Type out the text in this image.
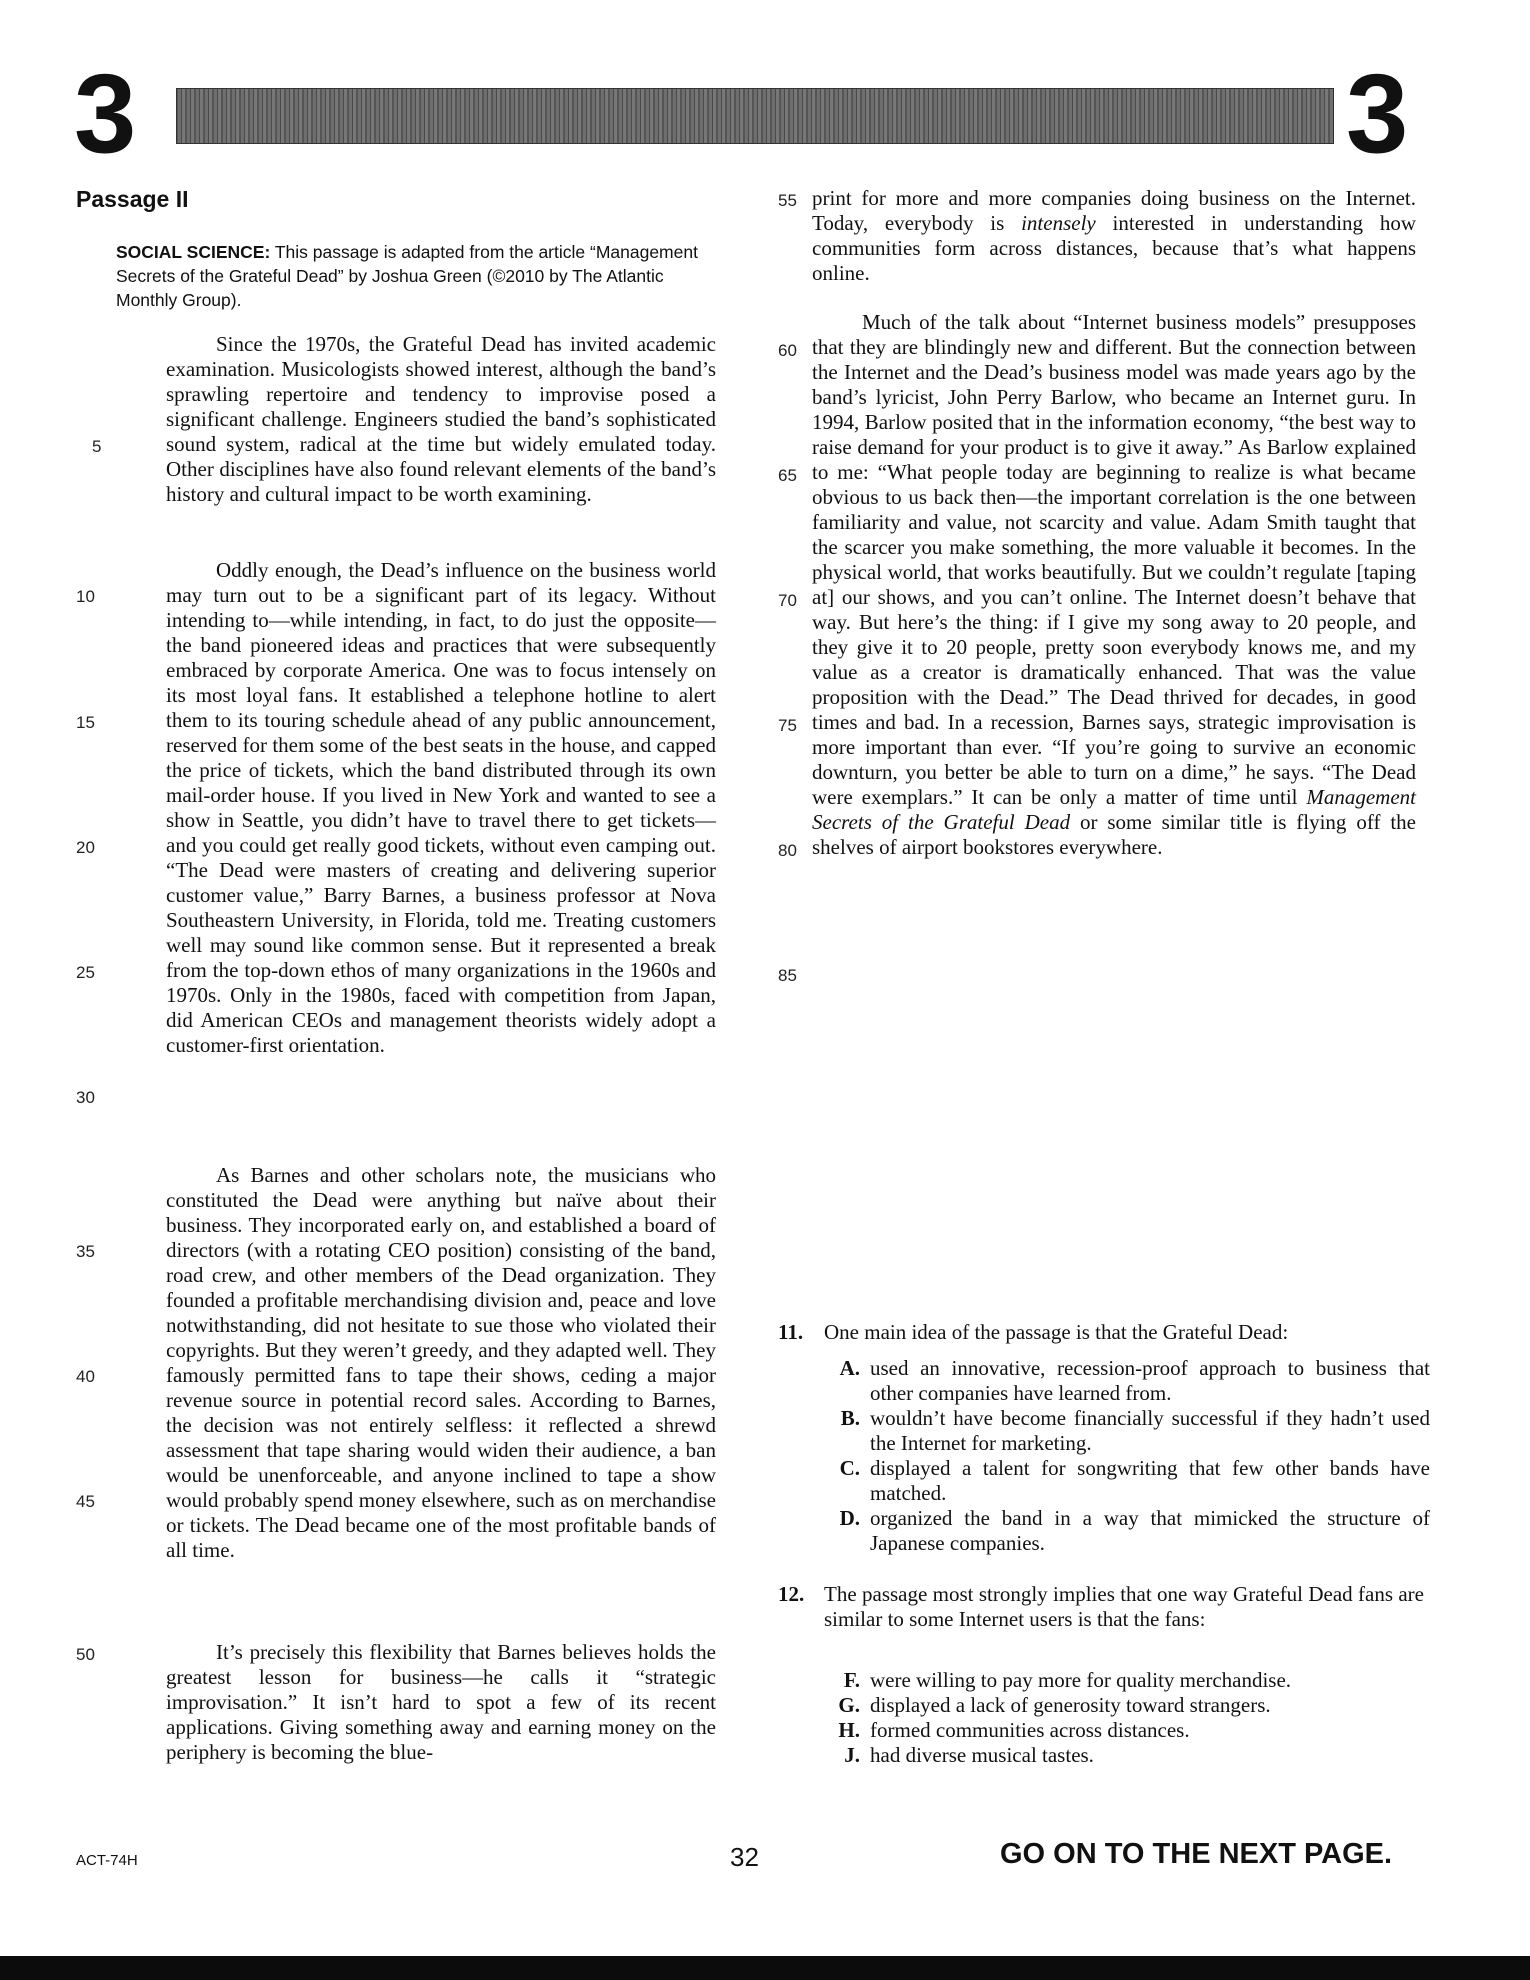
3	3
Passage II
SOCIAL SCIENCE: This passage is adapted from the article “Management Secrets of the Grateful Dead” by Joshua Green (©2010 by The Atlantic Monthly Group).

Since the 1970s, the Grateful Dead has invited academic examination. Musicologists showed interest, although the band’s sprawling repertoire and tendency to improvise posed a significant challenge. Engineers studied the band’s sophisticated sound system, radical at the time but widely emulated today. Other disciplines have also found relevant elements of the band’s history and cultural impact to be worth examining.

Oddly enough, the Dead’s influence on the business world may turn out to be a significant part of its legacy. Without intending to—while intending, in fact, to do just the opposite—the band pioneered ideas and practices that were subsequently embraced by corporate America. One was to focus intensely on its most loyal fans. It established a telephone hotline to alert them to its touring schedule ahead of any public announcement, reserved for them some of the best seats in the house, and capped the price of tickets, which the band distributed through its own mail-order house. If you lived in New York and wanted to see a show in Seattle, you didn’t have to travel there to get tickets—and you could get really good tickets, without even camping out. “The Dead were masters of creating and delivering superior customer value,” Barry Barnes, a business professor at Nova Southeastern University, in Florida, told me. Treating customers well may sound like common sense. But it represented a break from the top-down ethos of many organizations in the 1960s and 1970s. Only in the 1980s, faced with competition from Japan, did American CEOs and management theorists widely adopt a customer-first orientation.

As Barnes and other scholars note, the musicians who constituted the Dead were anything but naïve about their business. They incorporated early on, and established a board of directors (with a rotating CEO position) consisting of the band, road crew, and other members of the Dead organization. They founded a profitable merchandising division and, peace and love notwithstanding, did not hesitate to sue those who violated their copyrights. But they weren’t greedy, and they adapted well. They famously permitted fans to tape their shows, ceding a major revenue source in potential record sales. According to Barnes, the decision was not entirely selfless: it reflected a shrewd assessment that tape sharing would widen their audience, a ban would be unenforceable, and anyone inclined to tape a show would probably spend money elsewhere, such as on merchandise or tickets. The Dead became one of the most profitable bands of all time.

It’s precisely this flexibility that Barnes believes holds the greatest lesson for business—he calls it “strategic improvisation.” It isn’t hard to spot a few of its recent applications. Giving something away and earning money on the periphery is becoming the blue-

print for more and more companies doing business on the Internet. Today, everybody is intensely interested in understanding how communities form across distances, because that’s what happens online.

Much of the talk about “Internet business models” presupposes that they are blindingly new and different. But the connection between the Internet and the Dead’s business model was made years ago by the band’s lyricist, John Perry Barlow, who became an Internet guru. In 1994, Barlow posited that in the information economy, “the best way to raise demand for your product is to give it away.” As Barlow explained to me: “What people today are beginning to realize is what became obvious to us back then—the important correlation is the one between familiarity and value, not scarcity and value. Adam Smith taught that the scarcer you make something, the more valuable it becomes. In the physical world, that works beautifully. But we couldn’t regulate [taping at] our shows, and you can’t online. The Internet doesn’t behave that way. But here’s the thing: if I give my song away to 20 people, and they give it to 20 people, pretty soon everybody knows me, and my value as a creator is dramatically enhanced. That was the value proposition with the Dead.” The Dead thrived for decades, in good times and bad. In a recession, Barnes says, strategic improvisation is more important than ever. “If you’re going to survive an economic downturn, you better be able to turn on a dime,” he says. “The Dead were exemplars.” It can be only a matter of time until Management Secrets of the Grateful Dead or some similar title is flying off the shelves of airport bookstores everywhere.

5
10
15
20
25
30
35
40
45
50
55
60
65
70
75
80
85
11. One main idea of the passage is that the Grateful Dead:
A. used an innovative, recession-proof approach to business that other companies have learned from.
B. wouldn’t have become financially successful if they hadn’t used the Internet for marketing.
C. displayed a talent for songwriting that few other bands have matched.
D. organized the band in a way that mimicked the structure of Japanese companies.
12. The passage most strongly implies that one way Grateful Dead fans are similar to some Internet users is that the fans:
F. were willing to pay more for quality merchandise.
G. displayed a lack of generosity toward strangers.
H. formed communities across distances.
J. had diverse musical tastes.
ACT-74H	32	GO ON TO THE NEXT PAGE.
